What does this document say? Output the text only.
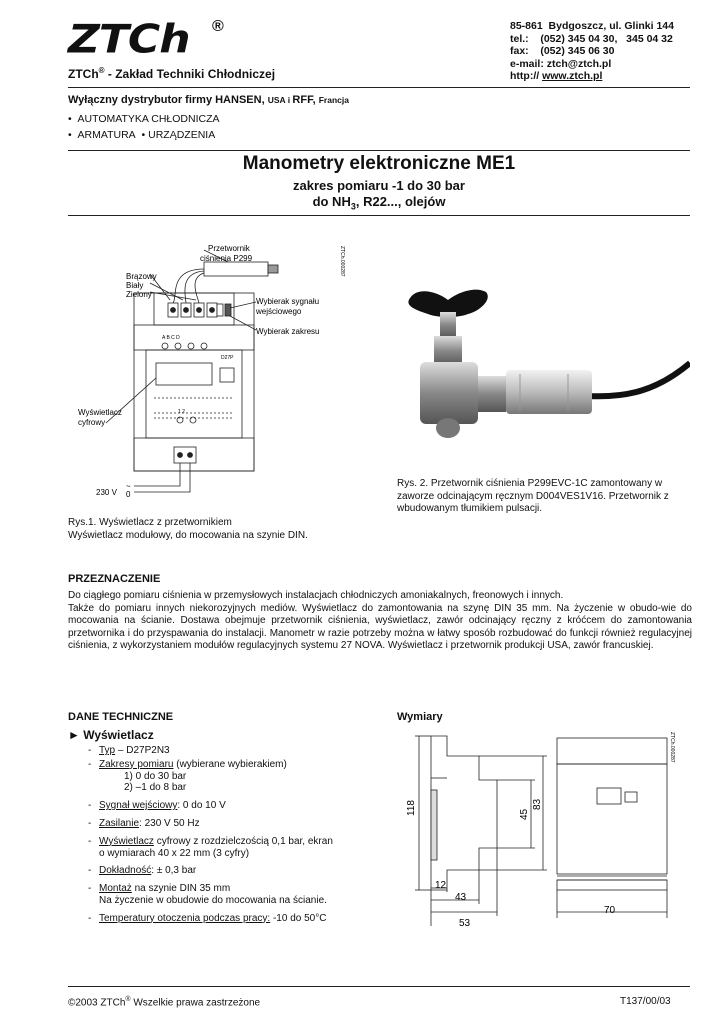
ZTCh	®
ZTCh® - Zakład Techniki Chłodniczej
85-861  Bydgoszcz, ul. Glinki 144
tel.:    (052) 345 04 30,   345 04 32
fax:    (052) 345 06 30
e-mail: ztch@ztch.pl
http:// www.ztch.pl
Wyłączny dystrybutor firmy HANSEN, USA i RFF, Francja
• AUTOMATYKA CHŁODNICZA
• ARMATURA • URZĄDZENIA
Manometry elektroniczne ME1
zakres pomiaru -1 do 30 bar
do $NH_3$, R22..., olejów
Przetwornik
ciśnienia P299
Brązowy
Biały
Zielony
Wybierak sygnału
wejściowego
Wybierak zakresu
Wyświetlacz
cyfrowy
230 V
~
0
D27P
A B C D
1 2
ZTCh.000287
Rys.1. Wyświetlacz z przetwornikiem
Wyświetlacz modułowy, do mocowania na szynie DIN.
Rys. 2. Przetwornik ciśnienia P299EVC-1C zamontowany w zaworze odcinającym ręcznym D004VES1V16. Przetwornik z wbudowanym tłumikiem pulsacji.
PRZEZNACZENIE
Do ciągłego pomiaru ciśnienia w przemysłowych instalacjach chłodniczych amoniakalnych, freonowych i innych.
Także do pomiaru innych niekorozyjnych mediów. Wyświetlacz do zamontowania na szynę DIN 35 mm. Na życzenie w obudo-wie do mocowania na ścianie. Dostawa obejmuje przetwornik ciśnienia, wyświetlacz, zawór odcinający ręczny z króćcem do zamontowania przetwornika i do przyspawania do instalacji. Manometr w razie potrzeby można w łatwy sposób rozbudować do funkcji również regulacyjnej ciśnienia, z wykorzystaniem modułów regulacyjnych systemu 27 NOVA. Wyświetlacz i przetwornik produkcji USA, zawór francuskiej.
DANE TECHNICZNE
► Wyświetlacz
- Typ – D27P2N3
- Zakresy pomiaru (wybierane wybierakiem)
1) 0 do 30 bar
2) –1 do 8 bar
- Sygnał wejściowy: 0 do 10 V
- Zasilanie: 230 V 50 Hz
- Wyświetlacz cyfrowy z rozdzielczością 0,1 bar, ekran
o wymiarach 40 x 22 mm (3 cyfry)
- Dokładność: ± 0,3 bar
- Montaż na szynie DIN 35 mm
Na życzenie w obudowie do mocowania na ścianie.
- Temperatury otoczenia podczas pracy: -10 do 50°C
Wymiary
118	45
83
12
43
53
70
ZTCh.000287
©2003 ZTCh® Wszelkie prawa zastrzeżone	T137/00/03
